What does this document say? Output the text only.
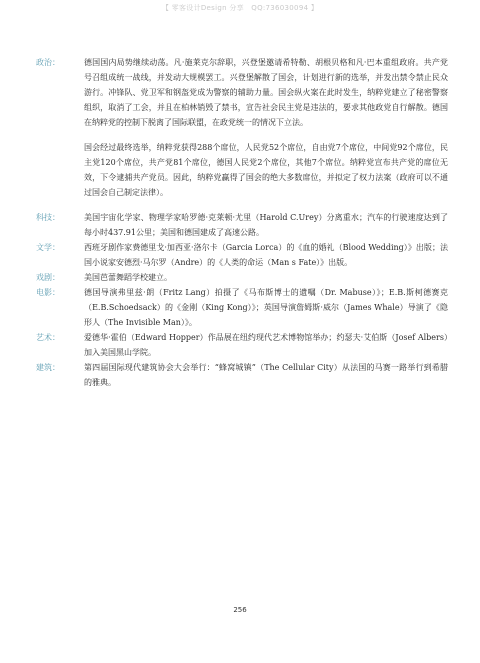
【 零客设计Design 分享　QQ:736030094 】
政治：	德国国内局势继续动荡。凡·施莱克尔辞职，兴登堡邀请希特勒、胡根贝格和凡·巴本重组政府。共产党号召组成统一战线，并发动大规模罢工。兴登堡解散了国会，计划进行新的选举，并发出禁令禁止民众游行。冲锋队、党卫军和钢盔党成为警察的辅助力量。国会纵火案在此时发生，纳粹党建立了秘密警察组织，取消了工会，并且在柏林销毁了禁书，宣告社会民主党是违法的，要求其他政党自行解散。德国在纳粹党的控制下脱离了国际联盟，在政党统一的情况下立法。

国会经过最终选举，纳粹党获得288个席位，人民党52个席位，自由党7个席位，中间党92个席位，民主党120个席位，共产党81个席位，德国人民党2个席位，其他7个席位。纳粹党宣布共产党的席位无效，下令逮捕共产党员。因此，纳粹党赢得了国会的绝大多数席位，并拟定了权力法案（政府可以不通过国会自己制定法律）。

科技：	美国宇宙化学家、物理学家哈罗德·克莱顿·尤里（Harold C.Urey）分离重水；汽车的行驶速度达到了每小时437.91公里；美国和德国建成了高速公路。

文学：	西班牙剧作家费德里戈·加西亚·洛尔卡（Garcia Lorca）的《血的婚礼（Blood Wedding）》出版；法国小说家安德烈·马尔罗（Andre）的《人类的命运（Man s Fate）》出版。

戏剧：	美国芭蕾舞蹈学校建立。

电影：	德国导演弗里兹·朗（Fritz Lang）拍摄了《马布斯博士的遗嘱（Dr. Mabuse）》；E.B.斯柯德赛克（E.B.Schoedsack）的《金刚（King Kong）》；英国导演詹姆斯·威尔（James Whale）导演了《隐形人（The Invisible Man）》。

艺术：	爱德华·霍伯（Edward Hopper）作品展在纽约现代艺术博物馆举办；约瑟夫·艾伯斯（Josef Albers）加入美国黑山学院。

建筑：	第四届国际现代建筑协会大会举行：“蜂窝城镇”（The Cellular City）从法国的马赛一路举行到希腊的雅典。

256
